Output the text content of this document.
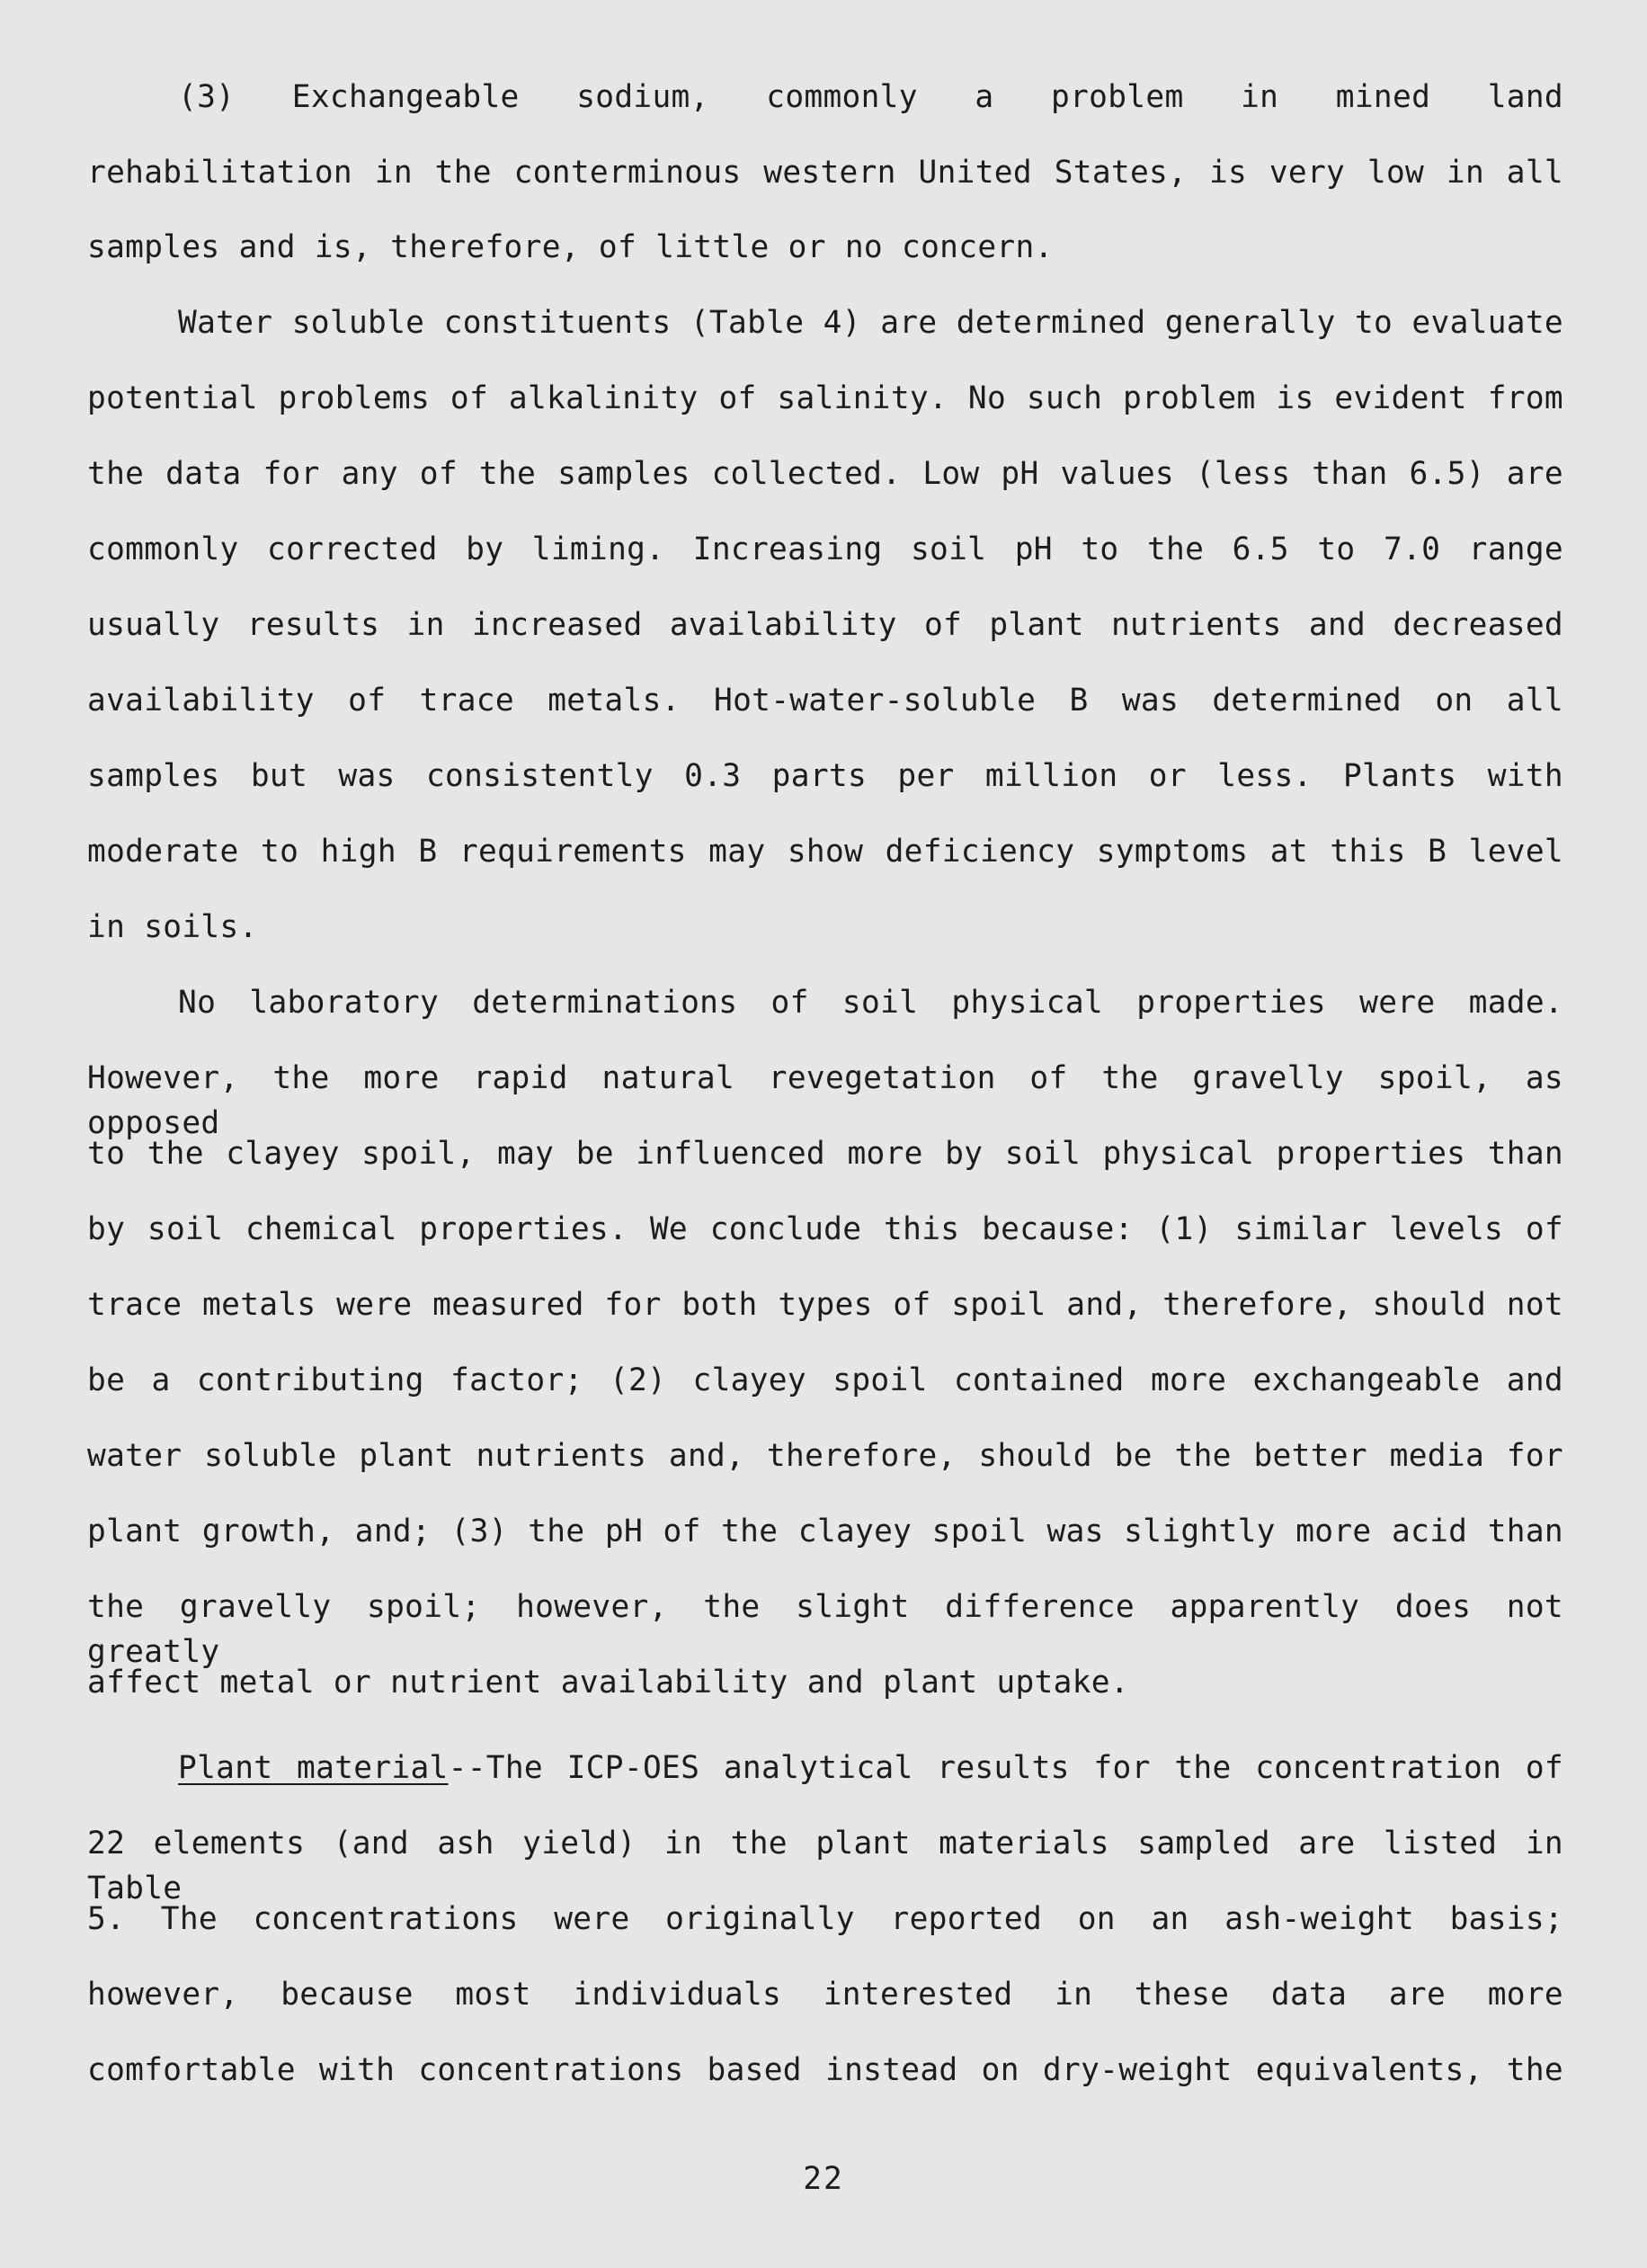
(3) Exchangeable sodium, commonly a problem in mined land
rehabilitation in the conterminous western United States, is very low in all
samples and is, therefore, of little or no concern.
Water soluble constituents (Table 4) are determined generally to evaluate
potential problems of alkalinity of salinity. No such problem is evident from
the data for any of the samples collected. Low pH values (less than 6.5) are
commonly corrected by liming. Increasing soil pH to the 6.5 to 7.0 range
usually results in increased availability of plant nutrients and decreased
availability of trace metals. Hot-water-soluble B was determined on all
samples but was consistently 0.3 parts per million or less. Plants with
moderate to high B requirements may show deficiency symptoms at this B level
in soils.
No laboratory determinations of soil physical properties were made.
However, the more rapid natural revegetation of the gravelly spoil, as opposed
to the clayey spoil, may be influenced more by soil physical properties than
by soil chemical properties. We conclude this because: (1) similar levels of
trace metals were measured for both types of spoil and, therefore, should not
be a contributing factor; (2) clayey spoil contained more exchangeable and
water soluble plant nutrients and, therefore, should be the better media for
plant growth, and; (3) the pH of the clayey spoil was slightly more acid than
the gravelly spoil; however, the slight difference apparently does not greatly
affect metal or nutrient availability and plant uptake.
Plant material--The ICP-OES analytical results for the concentration of
22 elements (and ash yield) in the plant materials sampled are listed in Table
5. The concentrations were originally reported on an ash-weight basis;
however, because most individuals interested in these data are more
comfortable with concentrations based instead on dry-weight equivalents, the
22
